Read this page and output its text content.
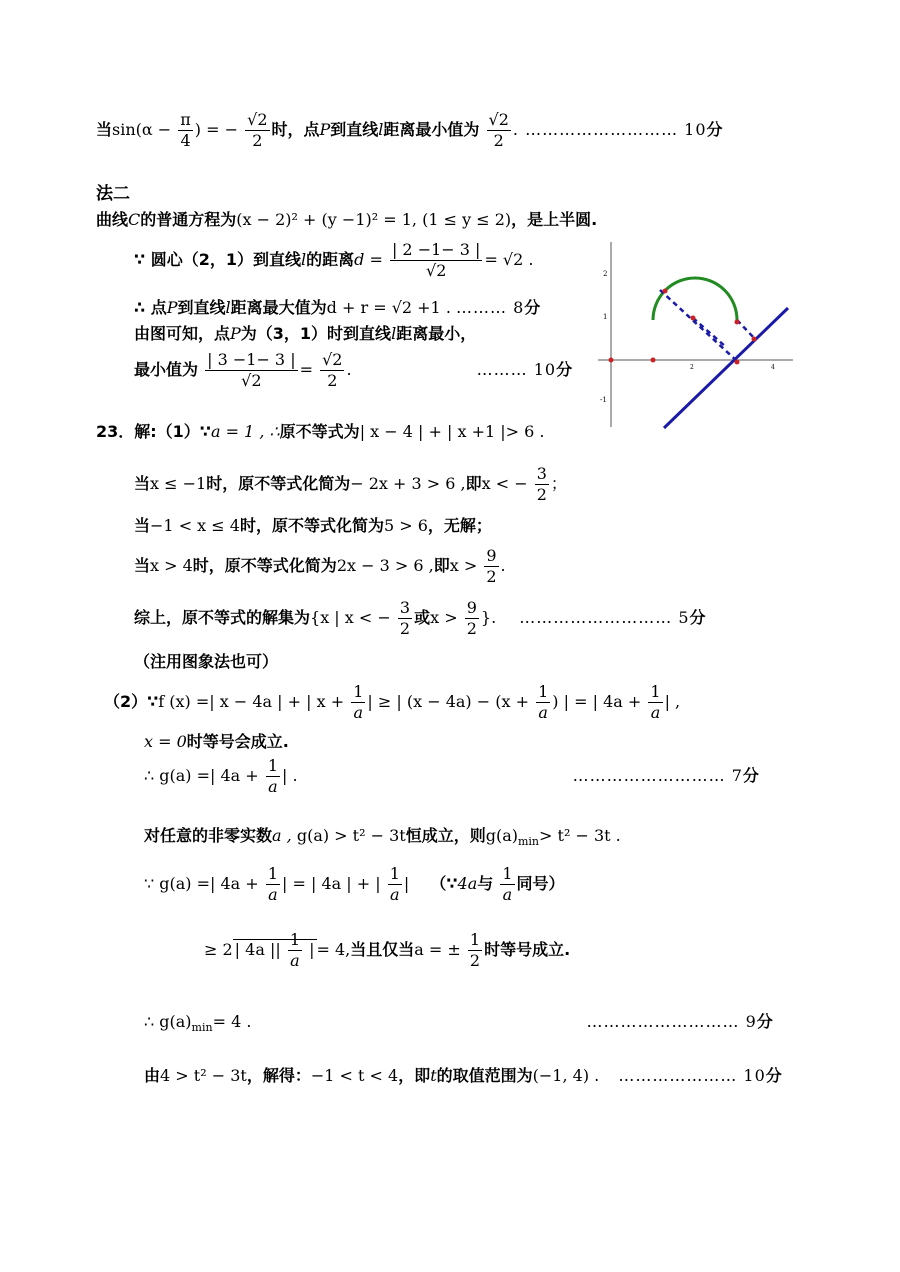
当$\sin(\alpha - \frac{\pi}{4}$ ) = − $\frac{√2}{2}$ 时，点P到直线l距离最小值为 $\frac{√2}{2}$ . ……………………… 10分
法二
曲线C的普通方程为(x − 2)² + (y −1)² = 1, (1 ≤ y ≤ 2)，是上半圆.
∵ 圆心（2，1）到直线l的距离$d = \frac{| 2 -1- 3 |}{√2} = √2$ .
∴ 点P到直线l距离最大值为d + r = √2 +1 . ……… 8分
由图可知，点P为（3，1）时到直线l距离最小，
最小值为 $\frac{| 3 -1- 3 |}{√2} = \frac{√2}{2}$ .	……… 10分
2
1
-1
2	4
23．解:（1）∵a = 1 , ∴原不等式为| x − 4 | + | x +1 |> 6 .
当x ≤ −1时，原不等式化简为− 2x + 3 > 6 ,即x < − $\frac{3}{2}$ ；
当−1 < x ≤ 4时，原不等式化简为5 > 6，无解；
当x > 4时，原不等式化简为2x − 3 > 6 ,即$x > \frac{9}{2}$ .
综上，原不等式的解集为{x | x < − $\frac{3}{2}$ 或$x > \frac{9}{2}$ }. ……………………… 5分
（注用图象法也可）
（2）∵f (x) =| x − 4a | + | $x + \frac{1}{a}$ | ≥ | $(x - 4a) - (x + \frac{1}{a}$ ) | = | $4a + \frac{1}{a}$ | ,
x = 0时等号会成立.
∴ g(a) =| $4a + \frac{1}{a}$ | .	……………………… 7分
对任意的非零实数a , g(a) > t² − 3t恒成立，则$g(a)_{min}> t^2 - 3t$ .
∵ g(a) =| $4a + \frac{1}{a}$ | = | 4a | + | $\frac{1}{a}$ | （∵4a与 $\frac{1}{a}$ 同号）
≥ 2 | 4a || $\frac{1}{a}$ | = 4,当且仅当a = ± $\frac{1}{2}$ 时等号成立.
∴ $g(a)_{min}= 4$ .	……………………… 9分
由4 > t² − 3t，解得：−1 < t < 4，即t的取值范围为(−1, 4) . ………………… 10分
